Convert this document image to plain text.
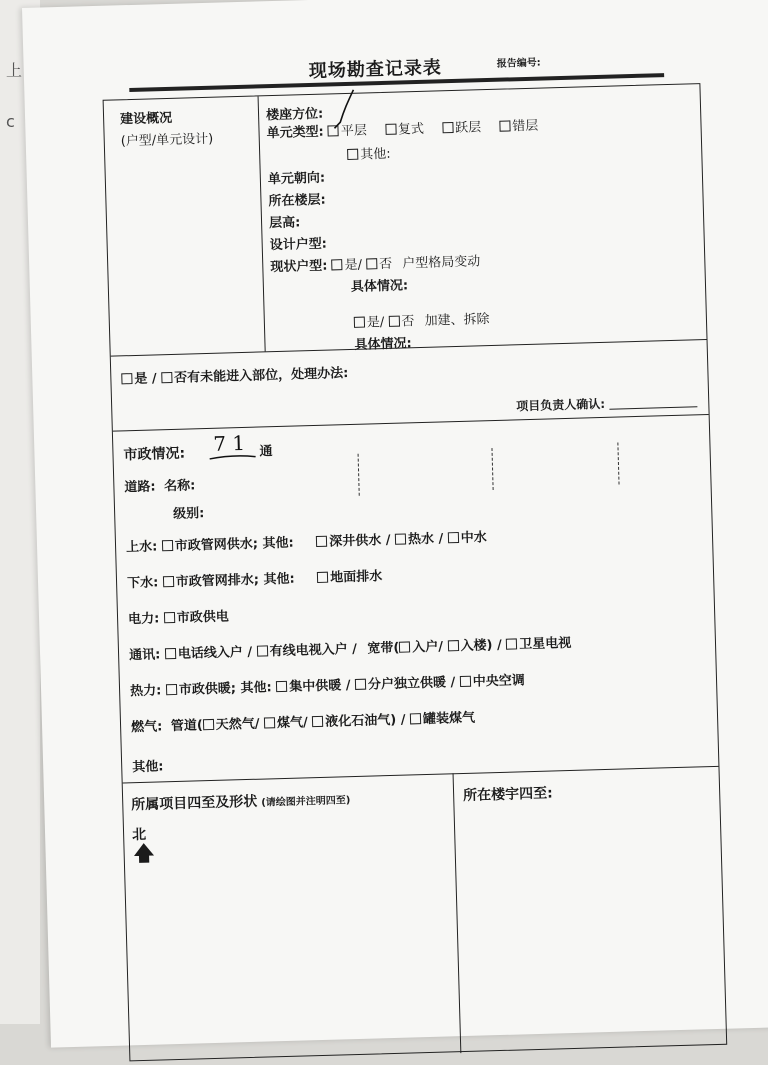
上
c
现场勘查记录表	报告编号:
建设概况
(户型/单元设计)
楼座方位:
单元类型: 平层 复式 跃层 错层
其他:
单元朝向:
所在楼层:
层高:
设计户型:
现状户型: 是/ 否 户型格局变动
具体情况:
是/ 否 加建、拆除
具体情况:
是 / 否有未能进入部位，处理办法:
项目负责人确认:
市政情况: 7 1 通
道路: 名称:
级别:
上水: 市政管网供水; 其他:	深井供水 / 热水 / 中水
下水: 市政管网排水; 其他:	地面排水
电力: 市政供电
通讯: 电话线入户 / 有线电视入户 / 宽带( 入户/ 入楼) / 卫星电视
热力: 市政供暖; 其他: 集中供暖 / 分户独立供暖 / 中央空调
燃气: 管道( 天然气/ 煤气/ 液化石油气) / 罐装煤气
其他:
所属项目四至及形状 (请绘图并注明四至)
北
🡅
所在楼宇四至:
